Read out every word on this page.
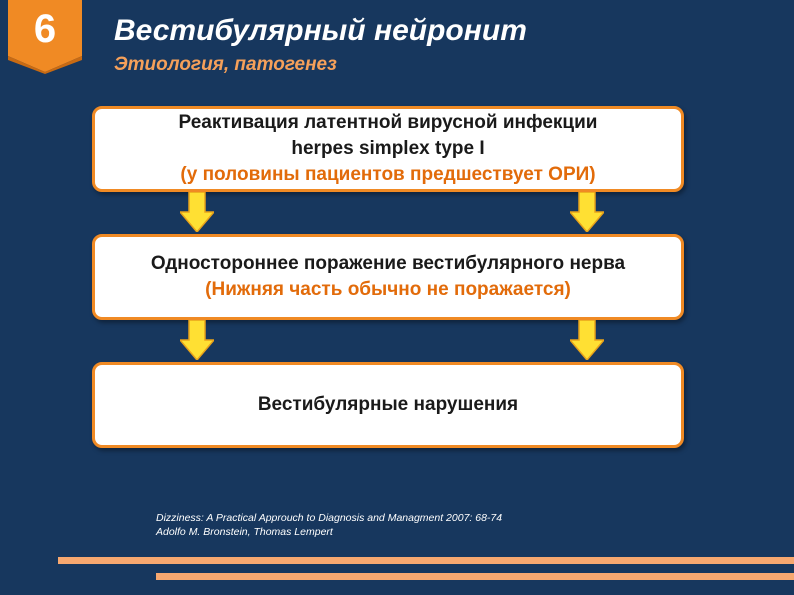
6	Вестибулярный нейронит
Этиология, патогенез
Реактивация латентной вирусной инфекции
herpes simplex type I
(у половины пациентов предшествует ОРИ)
Одностороннее поражение вестибулярного нерва
(Нижняя часть обычно не поражается)
Вестибулярные нарушения
Dizziness: A Practical Approuch to Diagnosis and Managment 2007: 68-74
Adolfo M. Bronstein, Thomas Lempert
